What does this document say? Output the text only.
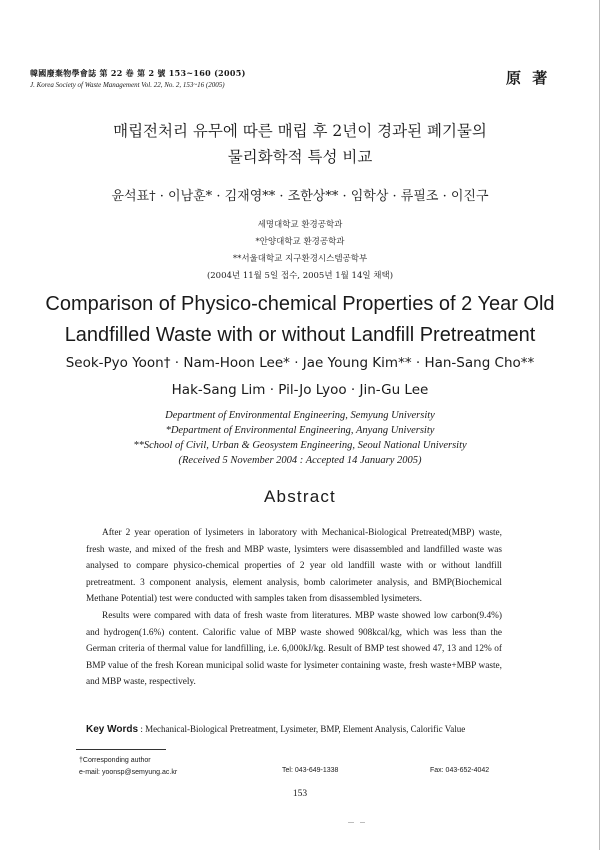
韓國廢棄物學會誌 第 22 卷 第 2 號 153~160 (2005)
J. Korea Society of Waste Management Vol. 22, No. 2, 153~16 (2005)	原 著
매립전처리 유무에 따른 매립 후 2년이 경과된 폐기물의
물리화학적 특성 비교
윤석표† · 이남훈* · 김재영** · 조한상** · 임학상 · 류필조 · 이진구
세명대학교 환경공학과
*안양대학교 환경공학과
**서울대학교 지구환경시스템공학부
(2004년 11월 5일 접수, 2005년 1월 14일 채택)
Comparison of Physico-chemical Properties of 2 Year Old
Landfilled Waste with or without Landfill Pretreatment
Seok-Pyo Yoon† · Nam-Hoon Lee* · Jae Young Kim** · Han-Sang Cho**
Hak-Sang Lim · Pil-Jo Lyoo · Jin-Gu Lee
Department of Environmental Engineering, Semyung University
*Department of Environmental Engineering, Anyang University
**School of Civil, Urban & Geosystem Engineering, Seoul National University
(Received 5 November 2004 : Accepted 14 January 2005)
Abstract

After 2 year operation of lysimeters in laboratory with Mechanical-Biological Pretreated(MBP) waste, fresh waste, and mixed of the fresh and MBP waste, lysimters were disassembled and landfilled waste was analysed to compare physico-chemical properties of 2 year old landfill waste with or without landfill pretreatment. 3 component analysis, element analysis, bomb calorimeter analysis, and BMP(Biochemical Methane Potential) test were conducted with samples taken from disassembled lysimeters.

Results were compared with data of fresh waste from literatures. MBP waste showed low carbon(9.4%) and hydrogen(1.6%) content. Calorific value of MBP waste showed 908kcal/kg, which was less than the German criteria of thermal value for landfilling, i.e. 6,000kJ/kg. Result of BMP test showed 47, 13 and 12% of BMP value of the fresh Korean municipal solid waste for lysimeter containing waste, fresh waste+MBP waste, and MBP waste, respectively.

Key Words : Mechanical-Biological Pretreatment, Lysimeter, BMP, Element Analysis, Calorific Value
†Corresponding author
e-mail: yoonsp@semyung.ac.kr	Tel: 043-649-1338	Fax: 043-652-4042
153
